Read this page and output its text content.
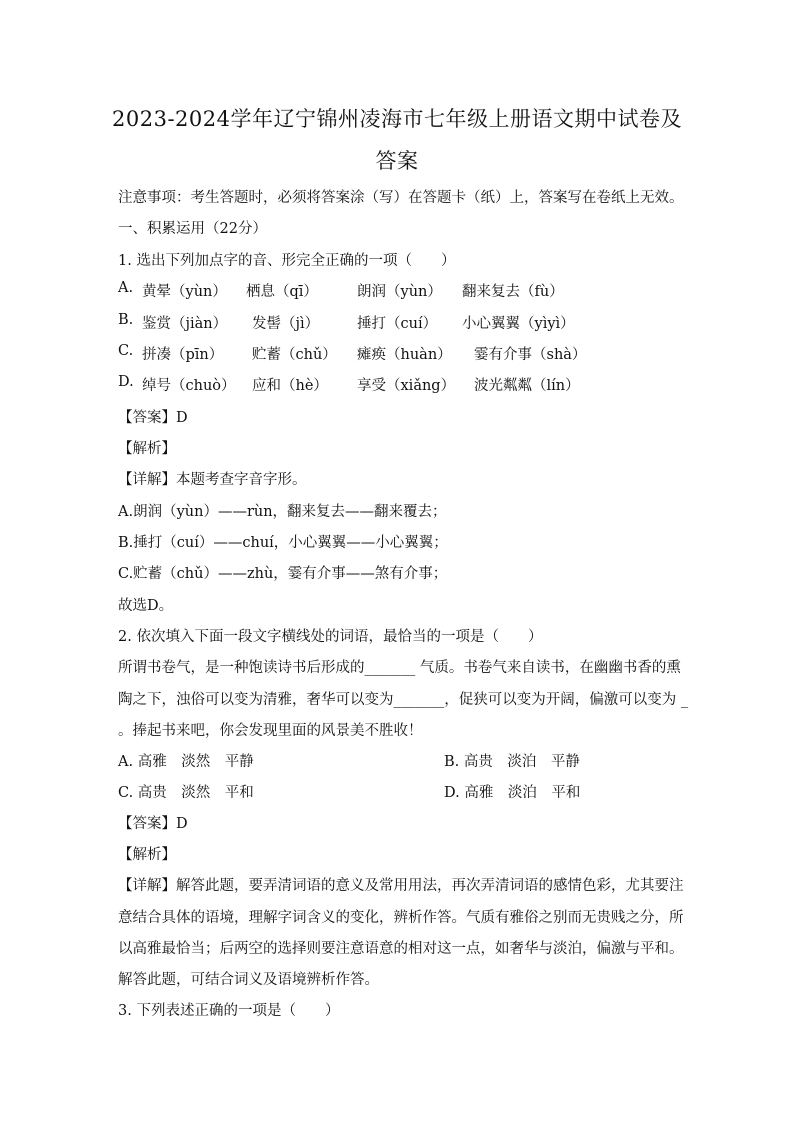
2023-2024学年辽宁锦州凌海市七年级上册语文期中试卷及
答案
注意事项：考生答题时，必须将答案涂（写）在答题卡（纸）上，答案写在卷纸上无效。
一、积累运用（22分）
1. 选出下列加点字的音、形完全正确的一项（　　）
A. 黄晕（yùn） 栖息（qī）	朗润（yùn） 翻来复去（fù）
B. 鉴赏（jiàn） 发髻（jì）	捶打（cuí） 小心翼翼（yìyì）
C. 拼凑（pīn） 贮蓄（chǔ） 瘫痪（huàn） 霎有介事（shà）
D. 绰号（chuò） 应和（hè） 享受（xiǎng） 波光粼粼（lín）
【答案】D
【解析】
【详解】本题考查字音字形。
A.朗润（yùn）——rùn，翻来复去——翻来覆去；
B.捶打（cuí）——chuí，小心翼翼——小心翼翼；
C.贮蓄（chǔ）——zhù，霎有介事——煞有介事；
故选D。
2. 依次填入下面一段文字横线处的词语，最恰当的一项是（　　）
所谓书卷气，是一种饱读诗书后形成的_______ 气质。书卷气来自读书，在幽幽书香的熏
陶之下，浊俗可以变为清雅，奢华可以变为_______，促狭可以变为开阔，偏激可以变为 _
。捧起书来吧，你会发现里面的风景美不胜收！
A. 高雅　淡然　平静	B. 高贵　淡泊　平静
C. 高贵　淡然　平和	D. 高雅　淡泊　平和
【答案】D
【解析】
【详解】解答此题，要弄清词语的意义及常用用法，再次弄清词语的感情色彩，尤其要注
意结合具体的语境，理解字词含义的变化，辨析作答。气质有雅俗之别而无贵贱之分，所
以高雅最恰当；后两空的选择则要注意语意的相对这一点，如奢华与淡泊，偏激与平和。
解答此题，可结合词义及语境辨析作答。
3. 下列表述正确的一项是（　　）
